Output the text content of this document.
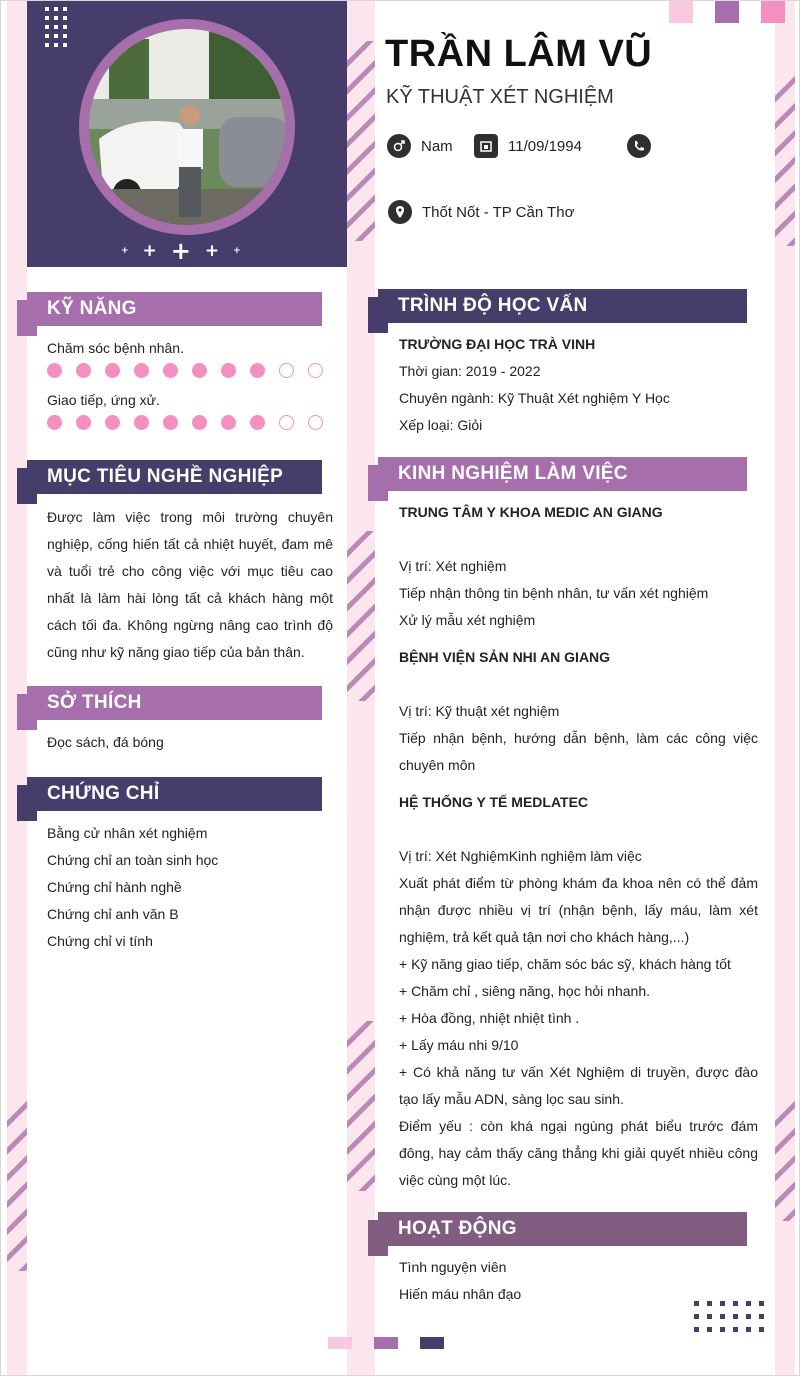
+ + + + +
TRẦN LÂM VŨ
KỸ THUẬT XÉT NGHIỆM
Nam	11/09/1994
Thốt Nốt - TP Cần Thơ
KỸ NĂNG
Chăm sóc bệnh nhân.
Giao tiếp, ứng xử.
MỤC TIÊU NGHỀ NGHIỆP
Được làm việc trong môi trường chuyên nghiệp, cống hiến tất cả nhiệt huyết, đam mê và tuổi trẻ cho công việc với mục tiêu cao nhất là làm hài lòng tất cả khách hàng một cách tối đa. Không ngừng nâng cao trình độ cũng như kỹ năng giao tiếp của bản thân.
SỞ THÍCH
Đọc sách, đá bóng
CHỨNG CHỈ
Bằng cử nhân xét nghiệm
Chứng chỉ an toàn sinh học
Chứng chỉ hành nghề
Chứng chỉ anh văn B
Chứng chỉ vi tính
TRÌNH ĐỘ HỌC VẤN
TRƯỜNG ĐẠI HỌC TRÀ VINH
Thời gian: 2019 - 2022
Chuyên ngành: Kỹ Thuật Xét nghiệm Y Học
Xếp loại: Giỏi
KINH NGHIỆM LÀM VIỆC
TRUNG TÂM Y KHOA MEDIC AN GIANG
Vị trí: Xét nghiệm
Tiếp nhận thông tin bệnh nhân, tư vấn xét nghiệm
Xử lý mẫu xét nghiệm
BỆNH VIỆN SẢN NHI AN GIANG
Vị trí: Kỹ thuật xét nghiệm
Tiếp nhận bệnh, hướng dẫn bệnh, làm các công việc chuyên môn
HỆ THỐNG Y TẾ MEDLATEC
Vị trí: Xét NghiệmKinh nghiệm làm việc
Xuất phát điểm từ phòng khám đa khoa nên có thể đảm nhận được nhiều vị trí (nhận bệnh, lấy máu, làm xét nghiệm, trả kết quả tận nơi cho khách hàng,...)
+ Kỹ năng giao tiếp, chăm sóc bác sỹ, khách hàng tốt
+ Chăm chỉ , siêng năng, học hỏi nhanh.
+ Hòa đồng, nhiệt nhiệt tình .
+ Lấy máu nhi 9/10
+ Có khả năng tư vấn Xét Nghiệm di truyền, được đào tạo lấy mẫu ADN, sàng lọc sau sinh.
Điểm yếu : còn khá ngại ngùng phát biểu trước đám đông, hay cảm thấy căng thẳng khi giải quyết nhiều công việc cùng một lúc.
HOẠT ĐỘNG
Tình nguyện viên
Hiến máu nhân đạo
